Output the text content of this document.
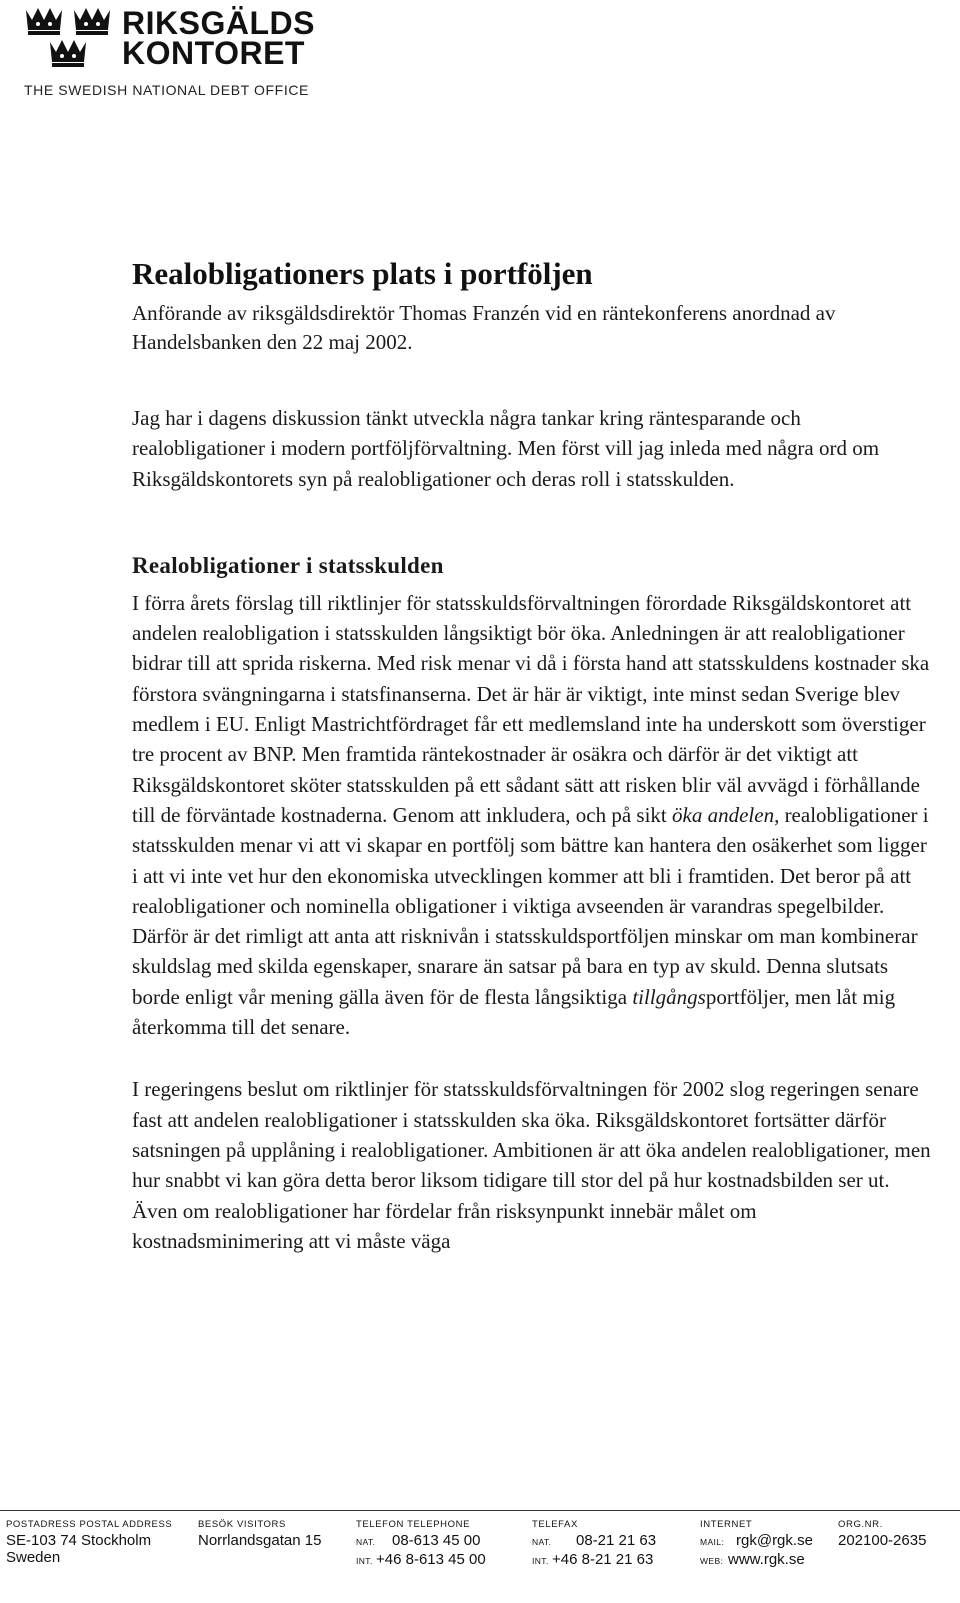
RIKSGÄLDS
KONTORET
THE SWEDISH NATIONAL DEBT OFFICE
Realobligationers plats i portföljen
Anförande av riksgäldsdirektör Thomas Franzén vid en räntekonferens anordnad av Handelsbanken den 22 maj 2002.

Jag har i dagens diskussion tänkt utveckla några tankar kring räntesparande och realobligationer i modern portföljförvaltning. Men först vill jag inleda med några ord om Riksgäldskontorets syn på realobligationer och deras roll i statsskulden.

Realobligationer i statsskulden

I förra årets förslag till riktlinjer för statsskuldsförvaltningen förordade Riksgäldskontoret att andelen realobligation i statsskulden långsiktigt bör öka. Anledningen är att realobligationer bidrar till att sprida riskerna. Med risk menar vi då i första hand att statsskuldens kostnader ska förstora svängningarna i statsfinanserna. Det är här är viktigt, inte minst sedan Sverige blev medlem i EU. Enligt Mastrichtfördraget får ett medlemsland inte ha underskott som överstiger tre procent av BNP. Men framtida räntekostnader är osäkra och därför är det viktigt att Riksgäldskontoret sköter statsskulden på ett sådant sätt att risken blir väl avvägd i förhållande till de förväntade kostnaderna. Genom att inkludera, och på sikt öka andelen, realobligationer i statsskulden menar vi att vi skapar en portfölj som bättre kan hantera den osäkerhet som ligger i att vi inte vet hur den ekonomiska utvecklingen kommer att bli i framtiden. Det beror på att realobligationer och nominella obligationer i viktiga avseenden är varandras spegelbilder. Därför är det rimligt att anta att risknivån i statsskuldsportföljen minskar om man kombinerar skuldslag med skilda egenskaper, snarare än satsar på bara en typ av skuld. Denna slutsats borde enligt vår mening gälla även för de flesta långsiktiga tillgångsportföljer, men låt mig återkomma till det senare.

I regeringens beslut om riktlinjer för statsskuldsförvaltningen för 2002 slog regeringen senare fast att andelen realobligationer i statsskulden ska öka. Riksgäldskontoret fortsätter därför satsningen på upplåning i realobligationer. Ambitionen är att öka andelen realobligationer, men hur snabbt vi kan göra detta beror liksom tidigare till stor del på hur kostnadsbilden ser ut. Även om realobligationer har fördelar från risksynpunkt innebär målet om kostnadsminimering att vi måste väga

POSTADRESS POSTAL ADDRESS
SE-103 74 Stockholm
Sweden
BESÖK VISITORS
Norrlandsgatan 15
TELEFON TELEPHONE
NAT. 08-613 45 00
INT. +46 8-613 45 00
TELEFAX
NAT. 08-21 21 63
INT. +46 8-21 21 63
INTERNET
MAIL: rgk@rgk.se
WEB: www.rgk.se
ORG.NR.
202100-2635
